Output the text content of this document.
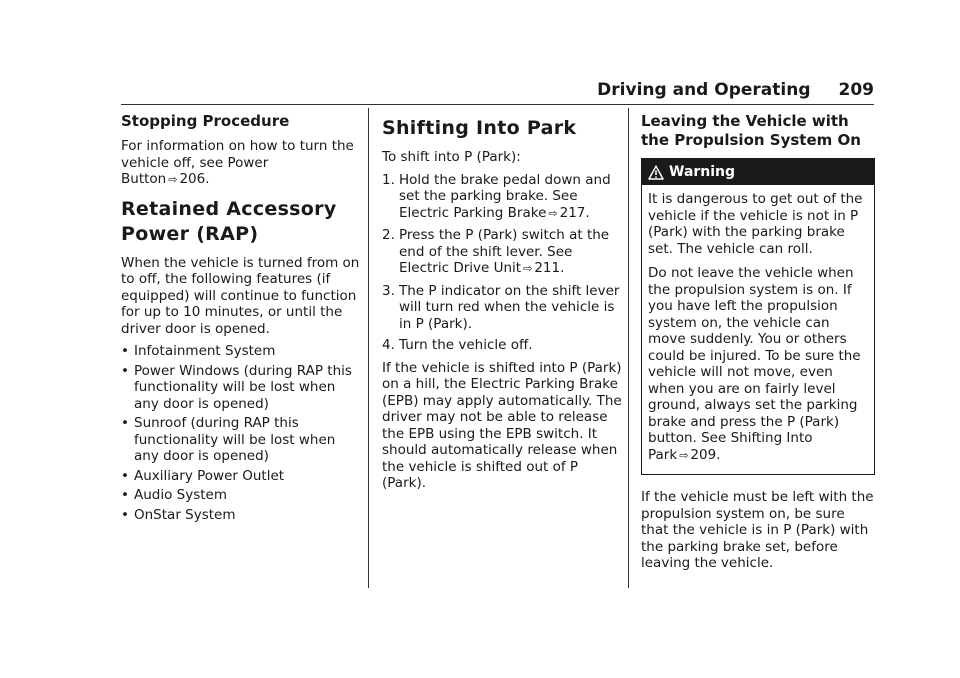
Driving and Operating 209
Stopping Procedure

For information on how to turn the vehicle off, see Power Button ⇨ 206.

Retained Accessory Power (RAP)

When the vehicle is turned from on to off, the following features (if equipped) will continue to function for up to 10 minutes, or until the driver door is opened.

• Infotainment System
• Power Windows (during RAP this functionality will be lost when any door is opened)
• Sunroof (during RAP this functionality will be lost when any door is opened)
• Auxiliary Power Outlet
• Audio System
• OnStar System
Shifting Into Park

To shift into P (Park):

1. Hold the brake pedal down and set the parking brake. See Electric Parking Brake ⇨ 217.
2. Press the P (Park) switch at the end of the shift lever. See Electric Drive Unit ⇨ 211.
3. The P indicator on the shift lever will turn red when the vehicle is in P (Park).
4. Turn the vehicle off.

If the vehicle is shifted into P (Park) on a hill, the Electric Parking Brake (EPB) may apply automatically. The driver may not be able to release the EPB using the EPB switch. It should automatically release when the vehicle is shifted out of P (Park).

Leaving the Vehicle with the Propulsion System On
Warning

It is dangerous to get out of the vehicle if the vehicle is not in P (Park) with the parking brake set. The vehicle can roll.

Do not leave the vehicle when the propulsion system is on. If you have left the propulsion system on, the vehicle can move suddenly. You or others could be injured. To be sure the vehicle will not move, even when you are on fairly level ground, always set the parking brake and press the P (Park) button. See Shifting Into Park ⇨ 209.

If the vehicle must be left with the propulsion system on, be sure that the vehicle is in P (Park) with the parking brake set, before leaving the vehicle.
